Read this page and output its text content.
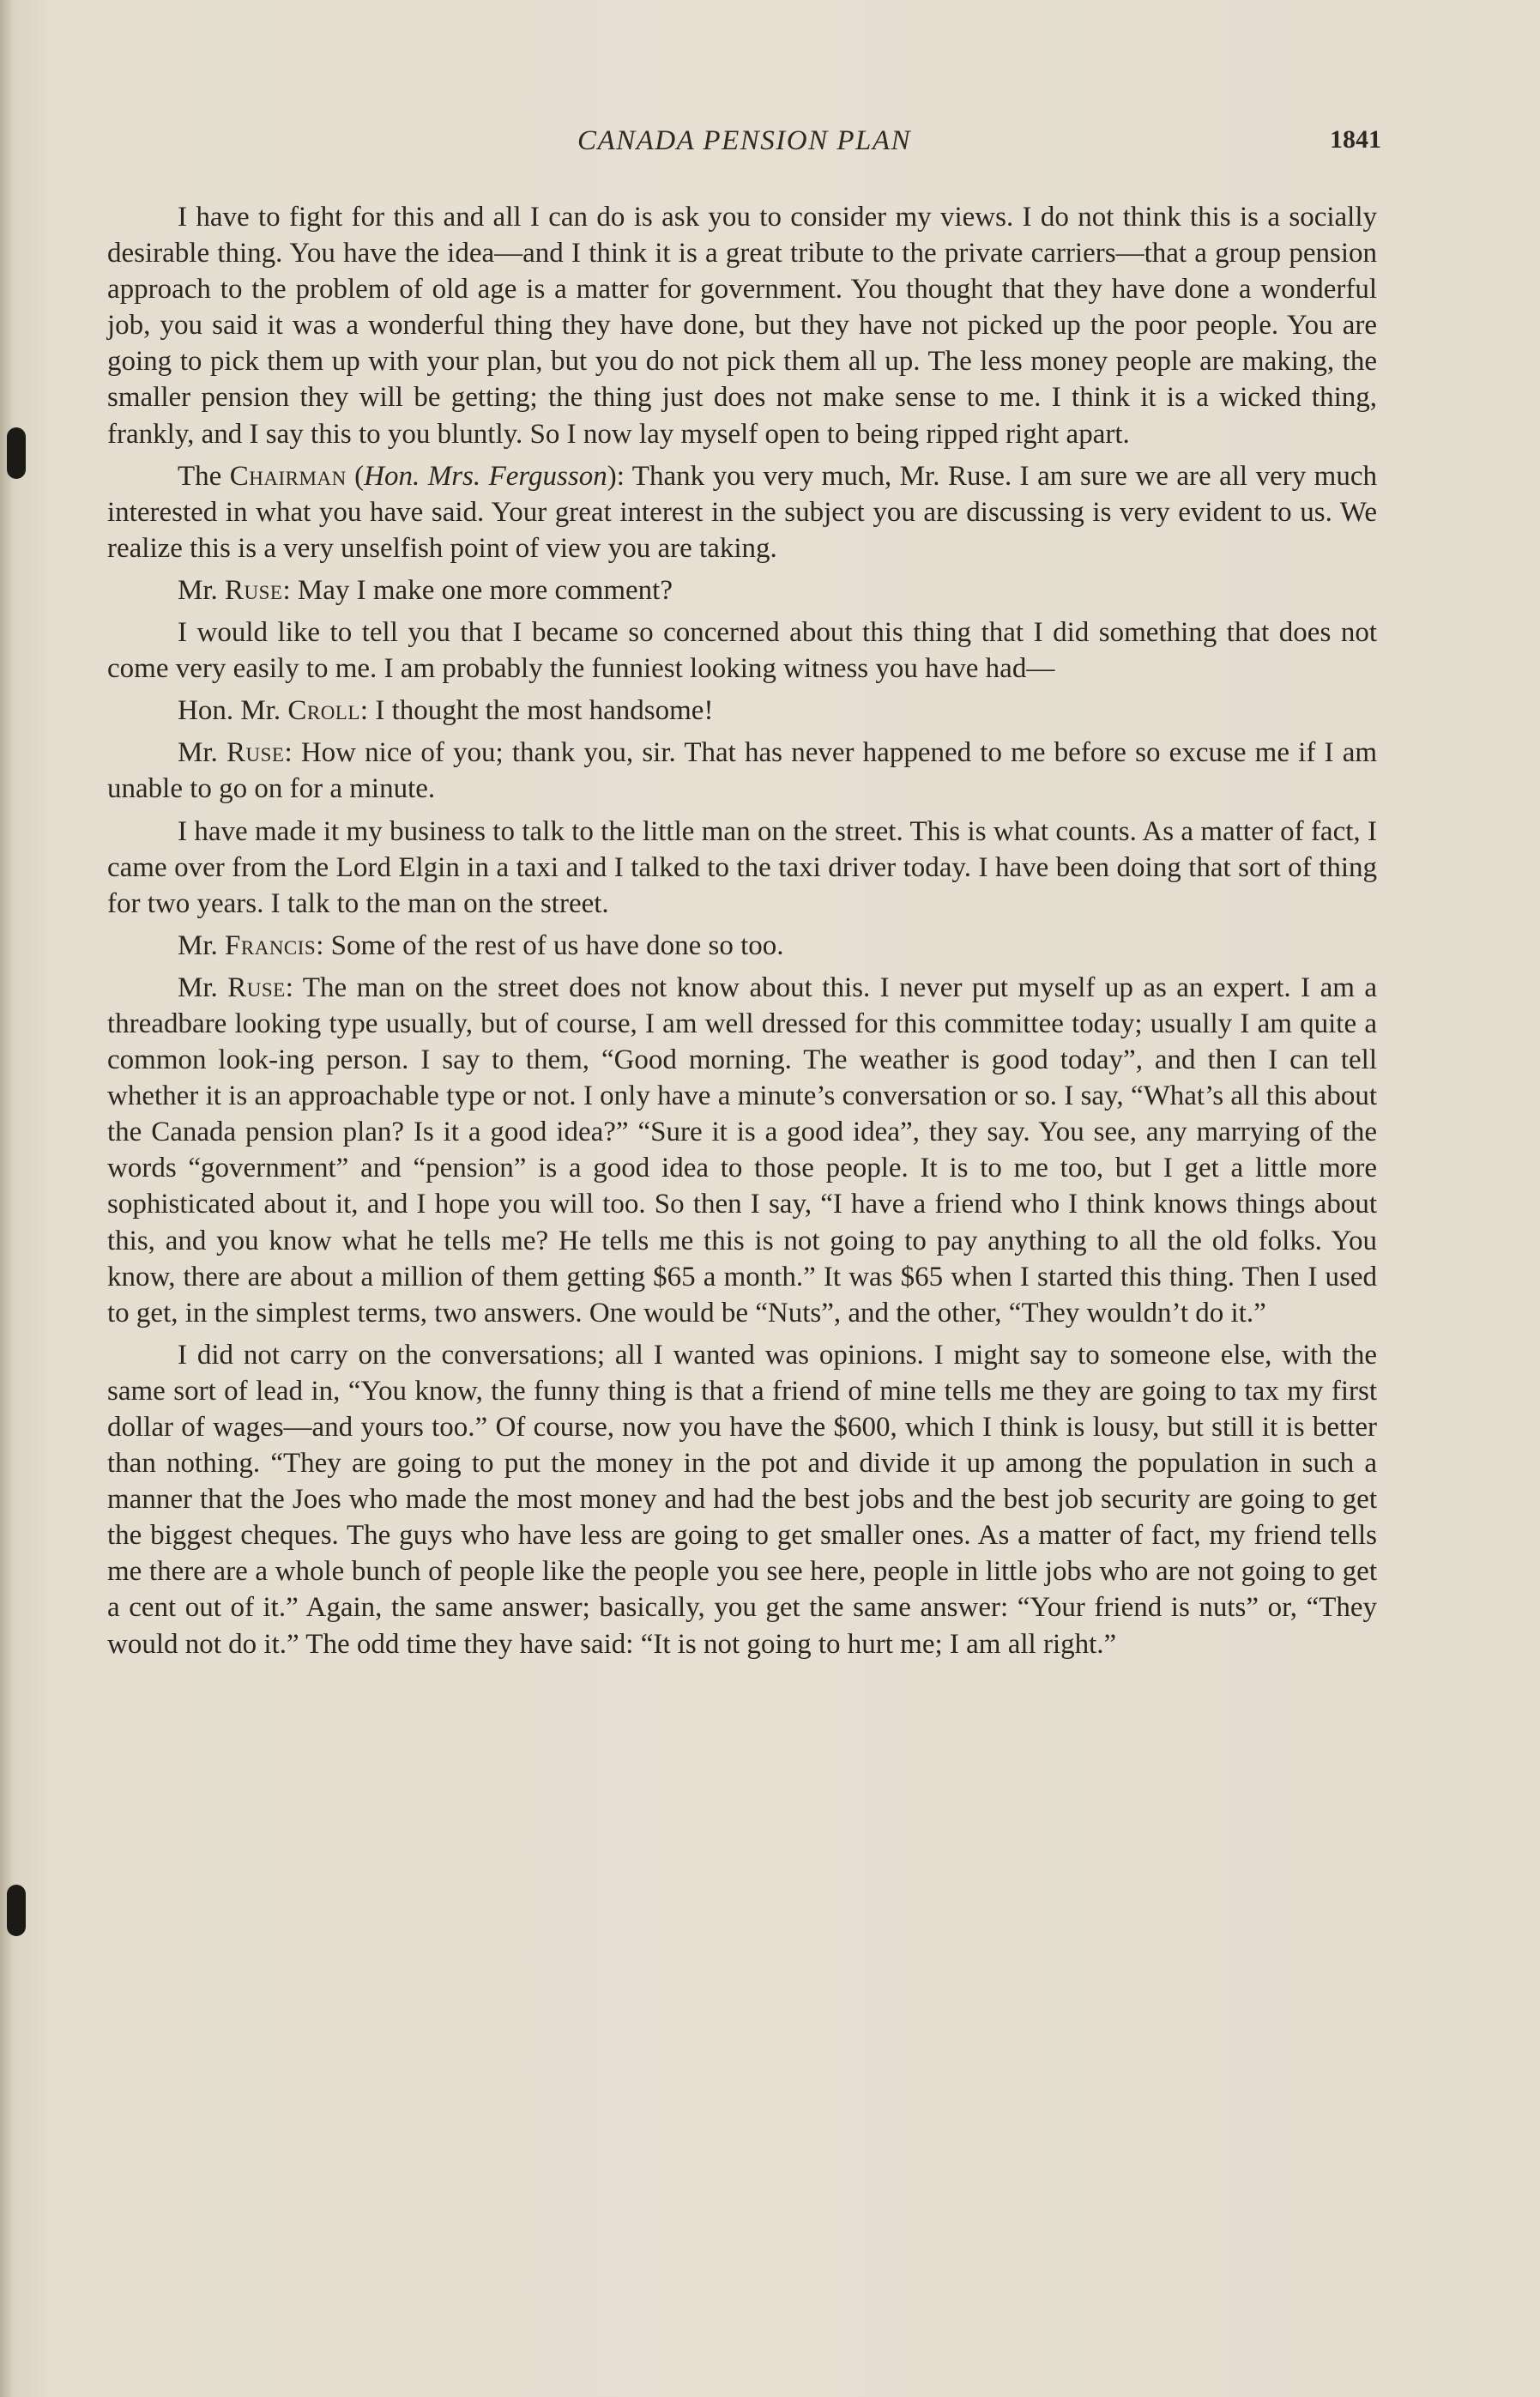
CANADA PENSION PLAN	1841

I have to fight for this and all I can do is ask you to consider my views. I do not think this is a socially desirable thing. You have the idea—and I think it is a great tribute to the private carriers—that a group pension approach to the problem of old age is a matter for government. You thought that they have done a wonderful job, you said it was a wonderful thing they have done, but they have not picked up the poor people. You are going to pick them up with your plan, but you do not pick them all up. The less money people are making, the smaller pension they will be getting; the thing just does not make sense to me. I think it is a wicked thing, frankly, and I say this to you bluntly. So I now lay myself open to being ripped right apart.

The Chairman (Hon. Mrs. Fergusson): Thank you very much, Mr. Ruse. I am sure we are all very much interested in what you have said. Your great interest in the subject you are discussing is very evident to us. We realize this is a very unselfish point of view you are taking.

Mr. Ruse: May I make one more comment?

I would like to tell you that I became so concerned about this thing that I did something that does not come very easily to me. I am probably the funniest looking witness you have had—

Hon. Mr. Croll: I thought the most handsome!

Mr. Ruse: How nice of you; thank you, sir. That has never happened to me before so excuse me if I am unable to go on for a minute.

I have made it my business to talk to the little man on the street. This is what counts. As a matter of fact, I came over from the Lord Elgin in a taxi and I talked to the taxi driver today. I have been doing that sort of thing for two years. I talk to the man on the street.

Mr. Francis: Some of the rest of us have done so too.

Mr. Ruse: The man on the street does not know about this. I never put myself up as an expert. I am a threadbare looking type usually, but of course, I am well dressed for this committee today; usually I am quite a common look-ing person. I say to them, “Good morning. The weather is good today”, and then I can tell whether it is an approachable type or not. I only have a minute’s conversation or so. I say, “What’s all this about the Canada pension plan? Is it a good idea?” “Sure it is a good idea”, they say. You see, any marrying of the words “government” and “pension” is a good idea to those people. It is to me too, but I get a little more sophisticated about it, and I hope you will too. So then I say, “I have a friend who I think knows things about this, and you know what he tells me? He tells me this is not going to pay anything to all the old folks. You know, there are about a million of them getting $65 a month.” It was $65 when I started this thing. Then I used to get, in the simplest terms, two answers. One would be “Nuts”, and the other, “They wouldn’t do it.”

I did not carry on the conversations; all I wanted was opinions. I might say to someone else, with the same sort of lead in, “You know, the funny thing is that a friend of mine tells me they are going to tax my first dollar of wages—and yours too.” Of course, now you have the $600, which I think is lousy, but still it is better than nothing. “They are going to put the money in the pot and divide it up among the population in such a manner that the Joes who made the most money and had the best jobs and the best job security are going to get the biggest cheques. The guys who have less are going to get smaller ones. As a matter of fact, my friend tells me there are a whole bunch of people like the people you see here, people in little jobs who are not going to get a cent out of it.” Again, the same answer; basically, you get the same answer: “Your friend is nuts” or, “They would not do it.” The odd time they have said: “It is not going to hurt me; I am all right.”
